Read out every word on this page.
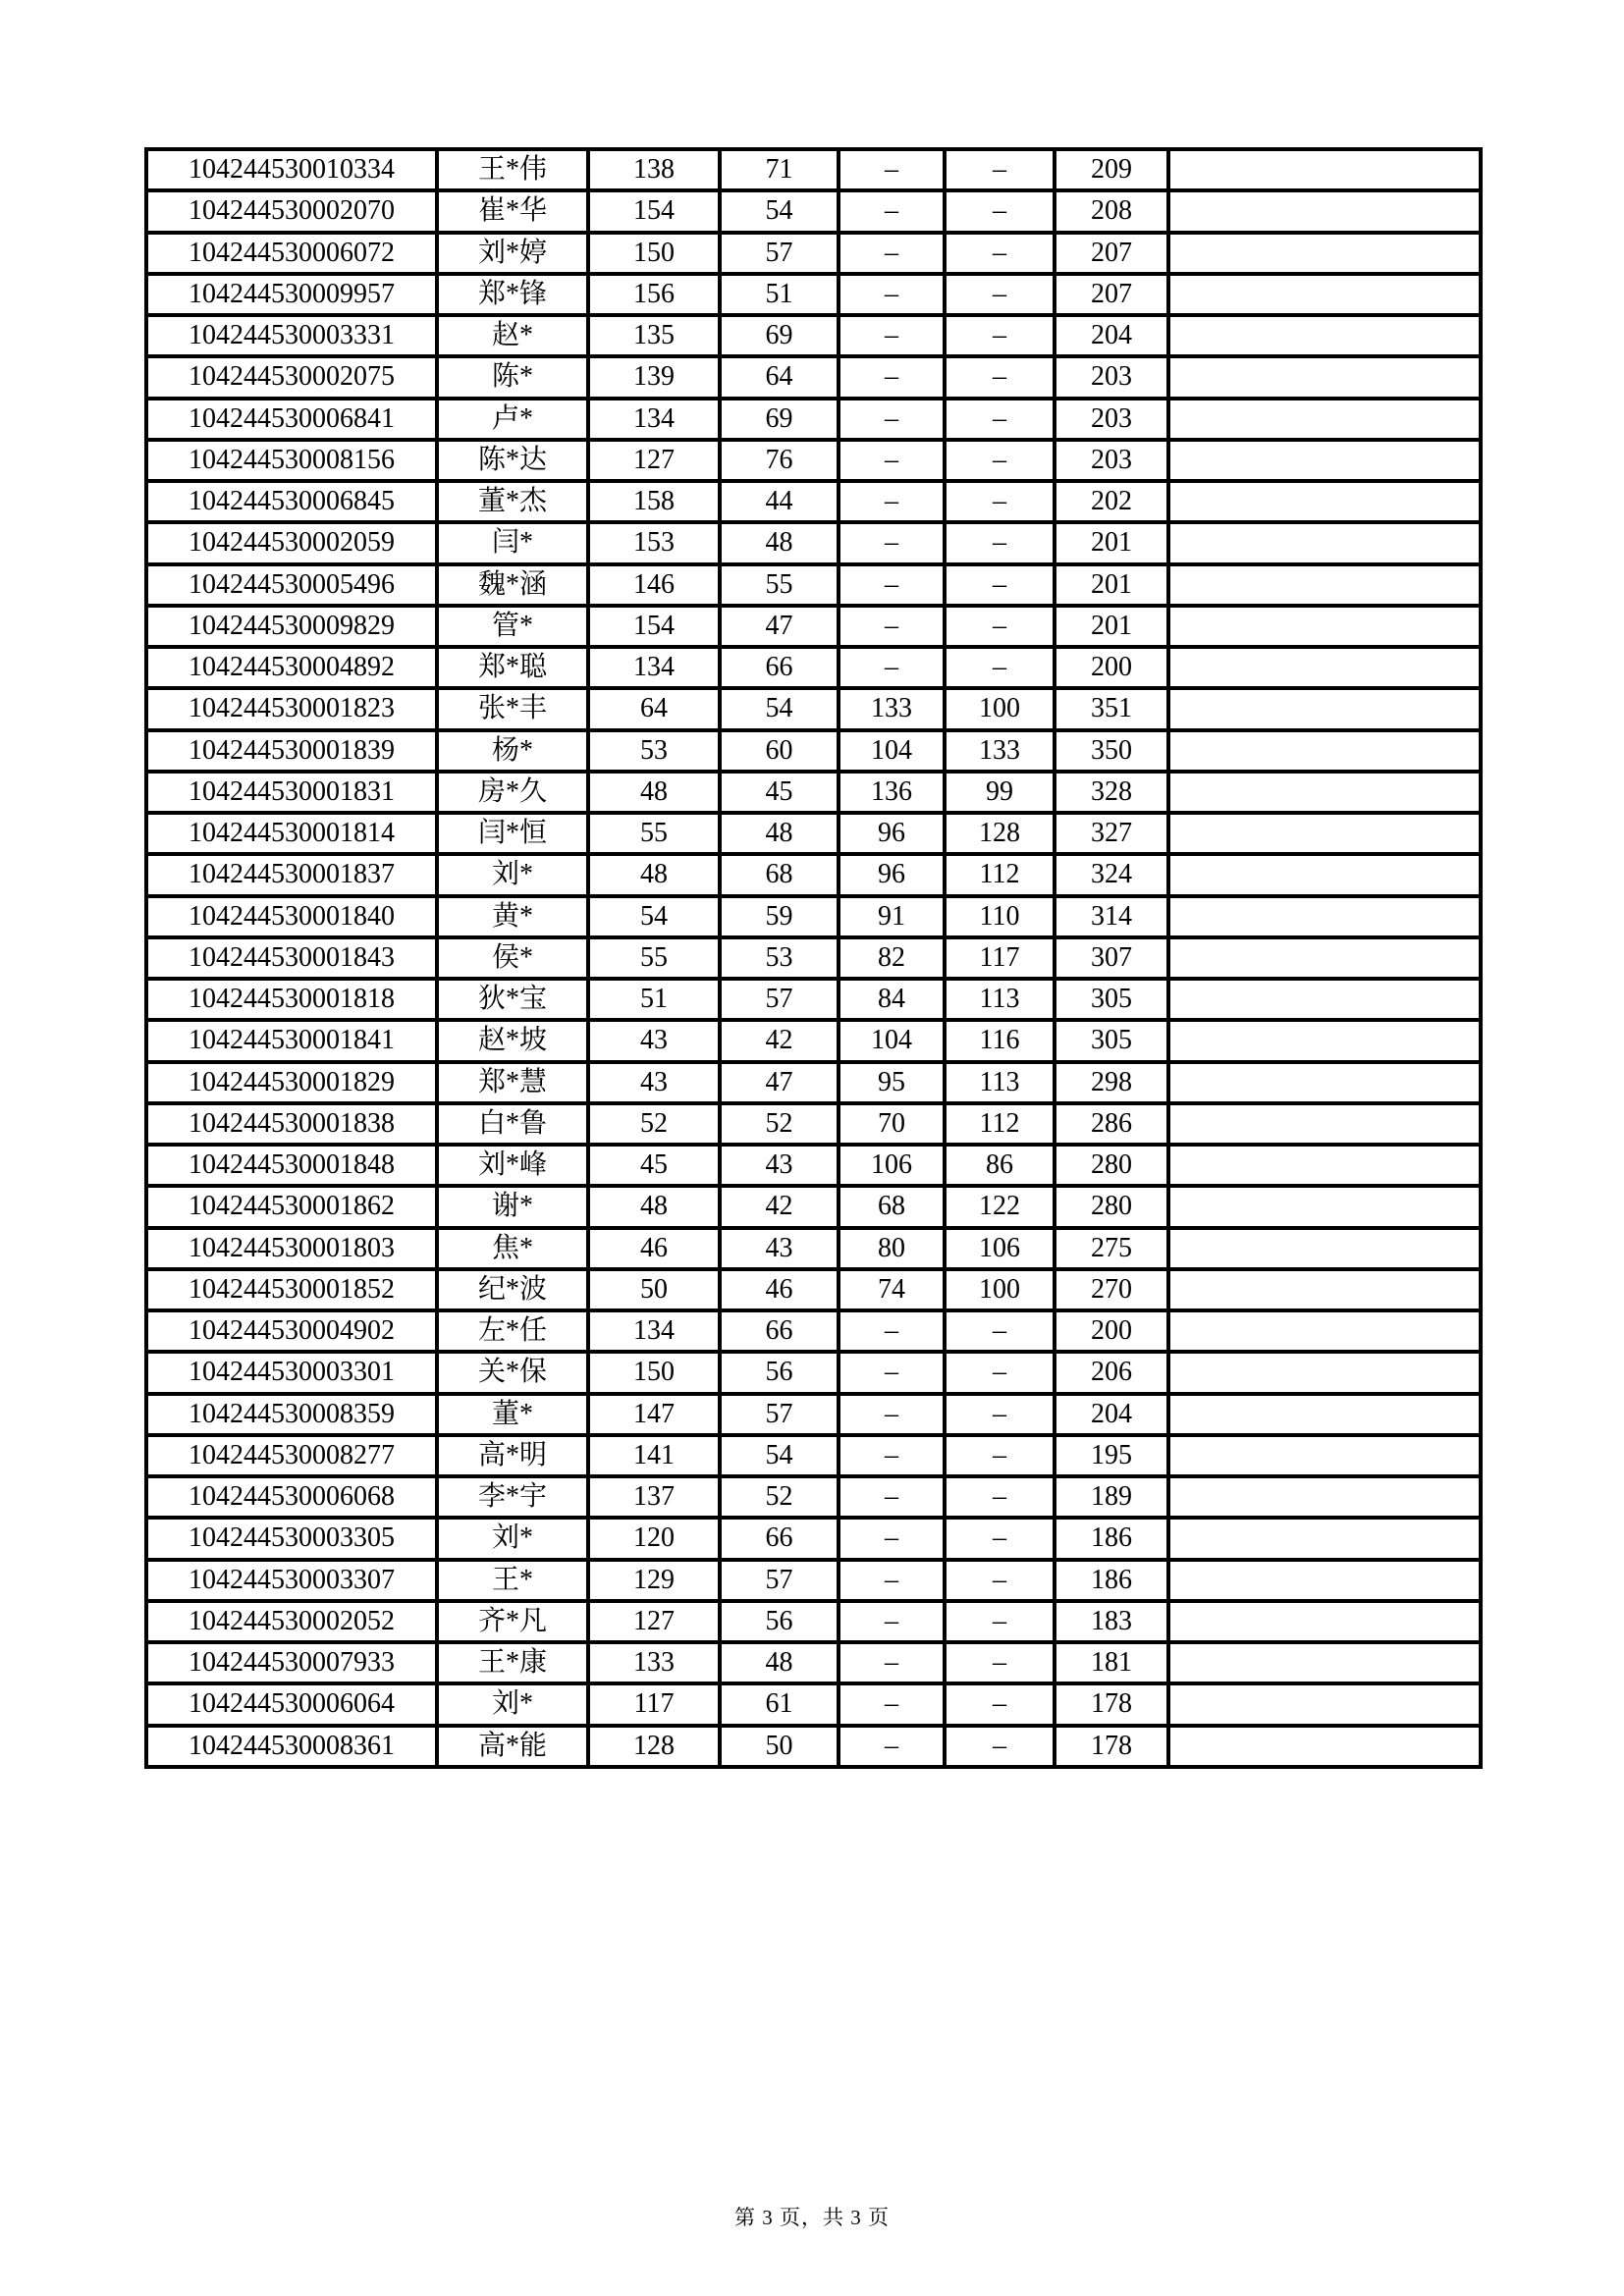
104244530010334	王*伟	138	71	–	–	209	
104244530002070	崔*华	154	54	–	–	208	
104244530006072	刘*婷	150	57	–	–	207	
104244530009957	郑*锋	156	51	–	–	207	
104244530003331	赵*	135	69	–	–	204	
104244530002075	陈*	139	64	–	–	203	
104244530006841	卢*	134	69	–	–	203	
104244530008156	陈*达	127	76	–	–	203	
104244530006845	董*杰	158	44	–	–	202	
104244530002059	闫*	153	48	–	–	201	
104244530005496	魏*涵	146	55	–	–	201	
104244530009829	管*	154	47	–	–	201	
104244530004892	郑*聪	134	66	–	–	200	
104244530001823	张*丰	64	54	133	100	351	
104244530001839	杨*	53	60	104	133	350	
104244530001831	房*久	48	45	136	99	328	
104244530001814	闫*恒	55	48	96	128	327	
104244530001837	刘*	48	68	96	112	324	
104244530001840	黄*	54	59	91	110	314	
104244530001843	侯*	55	53	82	117	307	
104244530001818	狄*宝	51	57	84	113	305	
104244530001841	赵*坡	43	42	104	116	305	
104244530001829	郑*慧	43	47	95	113	298	
104244530001838	白*鲁	52	52	70	112	286	
104244530001848	刘*峰	45	43	106	86	280	
104244530001862	谢*	48	42	68	122	280	
104244530001803	焦*	46	43	80	106	275	
104244530001852	纪*波	50	46	74	100	270	
104244530004902	左*任	134	66	–	–	200	
104244530003301	关*保	150	56	–	–	206	
104244530008359	董*	147	57	–	–	204	
104244530008277	高*明	141	54	–	–	195	
104244530006068	李*宇	137	52	–	–	189	
104244530003305	刘*	120	66	–	–	186	
104244530003307	王*	129	57	–	–	186	
104244530002052	齐*凡	127	56	–	–	183	
104244530007933	王*康	133	48	–	–	181	
104244530006064	刘*	117	61	–	–	178	
104244530008361	高*能	128	50	–	–	178	
第 3 页，共 3 页
